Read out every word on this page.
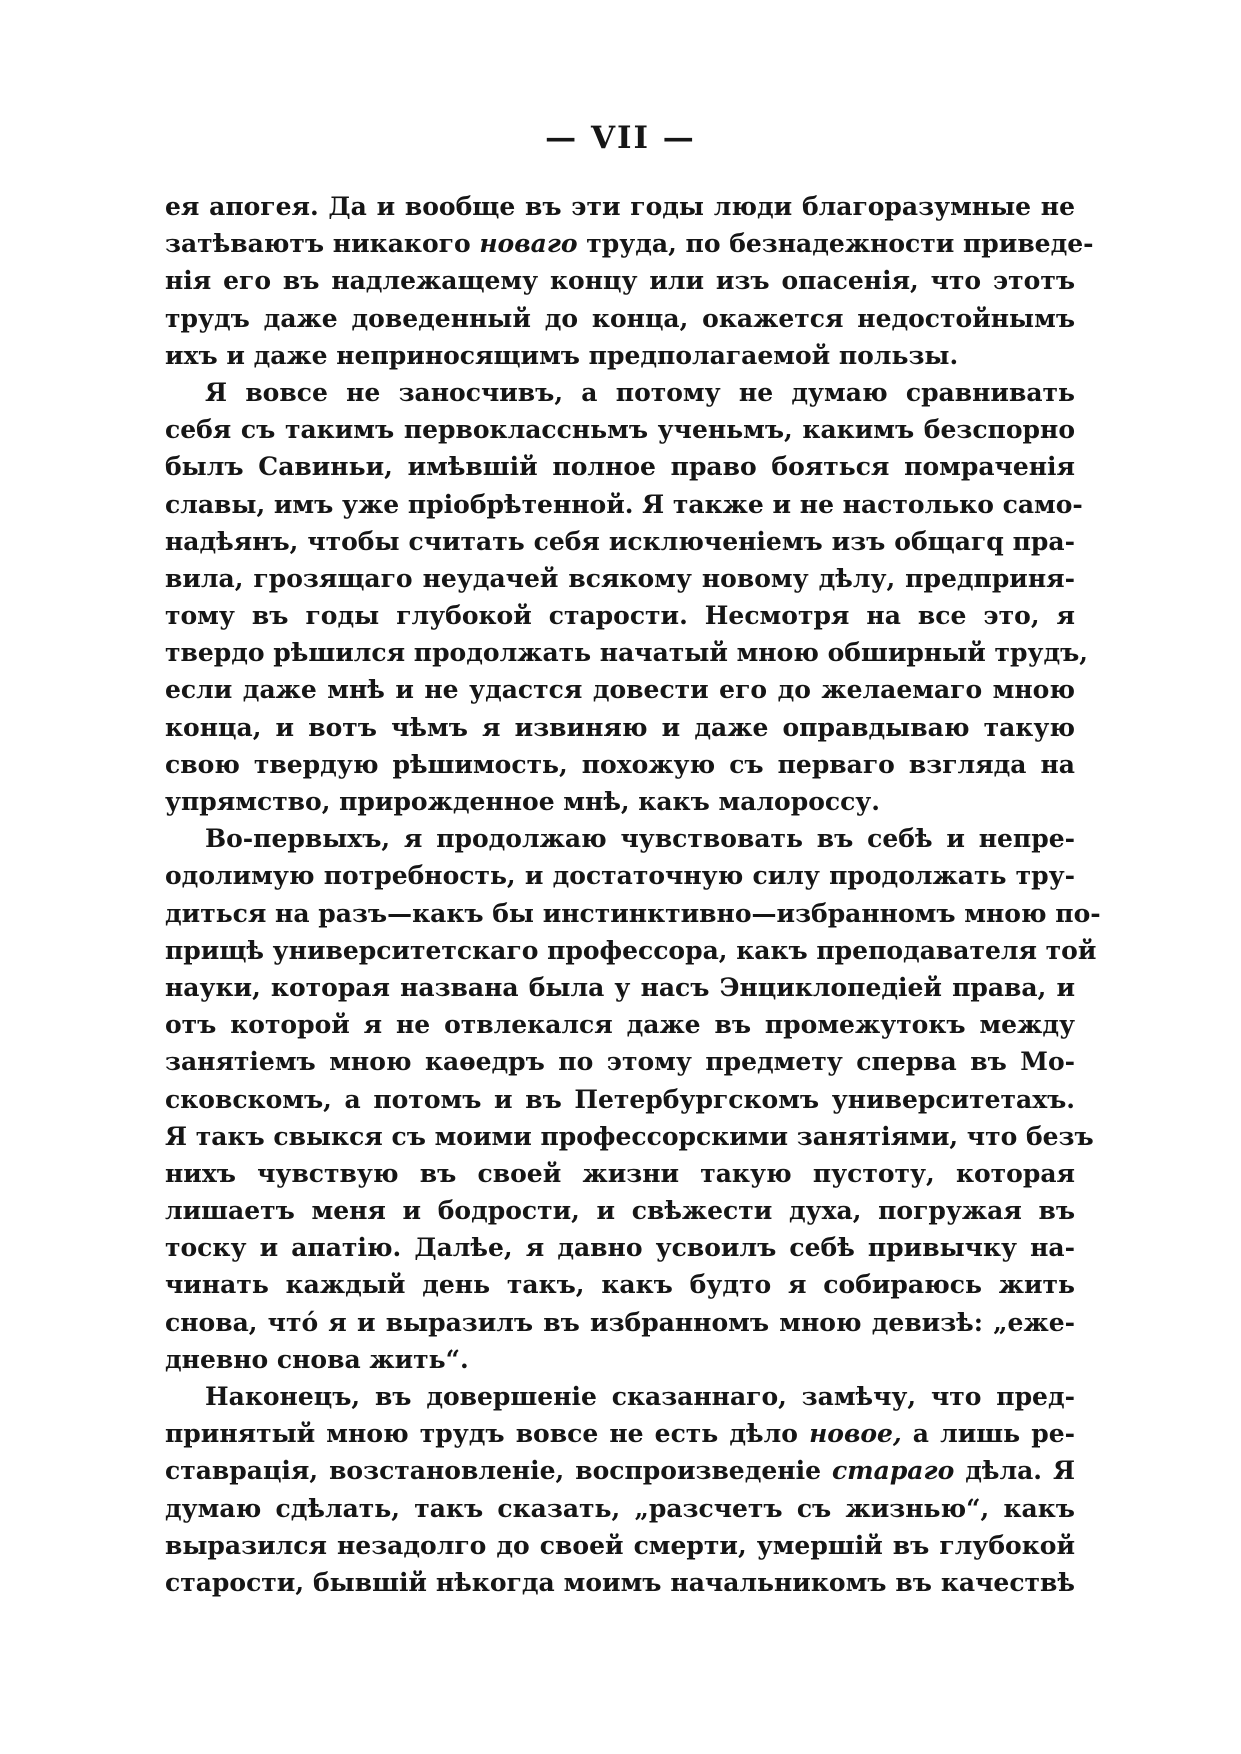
— VII —
ея апогея. Да и вообще въ эти годы люди благоразумные не
затѣваютъ никакого новаго труда, по безнадежности приведе-
нія его въ надлежащему концу или изъ опасенія, что этотъ
трудъ даже доведенный до конца, окажется недостойнымъ
ихъ и даже неприносящимъ предполагаемой пользы.
Я вовсе не заносчивъ, а потому не думаю сравнивать
себя съ такимъ первоклассньмъ ученьмъ, какимъ безспорно
былъ Савиньи, имѣвшій полное право бояться помраченія
славы, имъ уже пріобрѣтенной. Я также и не настолько само-
надѣянъ, чтобы считать себя исключеніемъ изъ общагq пра-
вила, грозящаго неудачей всякому новому дѣлу, предприня-
тому въ годы глубокой старости. Несмотря на все это, я
твердо рѣшился продолжать начатый мною обширный трудъ,
если даже мнѣ и не удастся довести его до желаемаго мною
конца, и вотъ чѣмъ я извиняю и даже оправдываю такую
свою твердую рѣшимость, похожую съ перваго взгляда на
упрямство, прирожденное мнѣ, какъ малороссу.
Во-первыхъ, я продолжаю чувствовать въ себѣ и непре-
одолимую потребность, и достаточную силу продолжать тру-
диться на разъ—какъ бы инстинктивно—избранномъ мною по-
прищѣ университетскаго профессора, какъ преподавателя той
науки, которая названа была у насъ Энциклопедіей права, и
отъ которой я не отвлекался даже въ промежутокъ между
занятіемъ мною каѳедръ по этому предмету сперва въ Мо-
сковскомъ, а потомъ и въ Петербургскомъ университетахъ.
Я такъ свыкся съ моими профессорскими занятіями, что безъ
нихъ чувствую въ своей жизни такую пустоту, которая
лишаетъ меня и бодрости, и свѣжести духа, погружая въ
тоску и апатію. Далѣе, я давно усвоилъ себѣ привычку на-
чинать каждый день такъ, какъ будто я собираюсь жить
снова, чтó я и выразилъ въ избранномъ мною девизѣ: „еже-
дневно снова жить“.
Наконецъ, въ довершеніе сказаннаго, замѣчу, что пред-
принятый мною трудъ вовсе не есть дѣло новое, а лишь ре-
ставрація, возстановленіе, воспроизведеніе стараго дѣла. Я
думаю сдѣлать, такъ сказать, „разсчетъ съ жизнью“, какъ
выразился незадолго до своей смерти, умершій въ глубокой
старости, бывшій нѣкогда моимъ начальникомъ въ качествѣ
